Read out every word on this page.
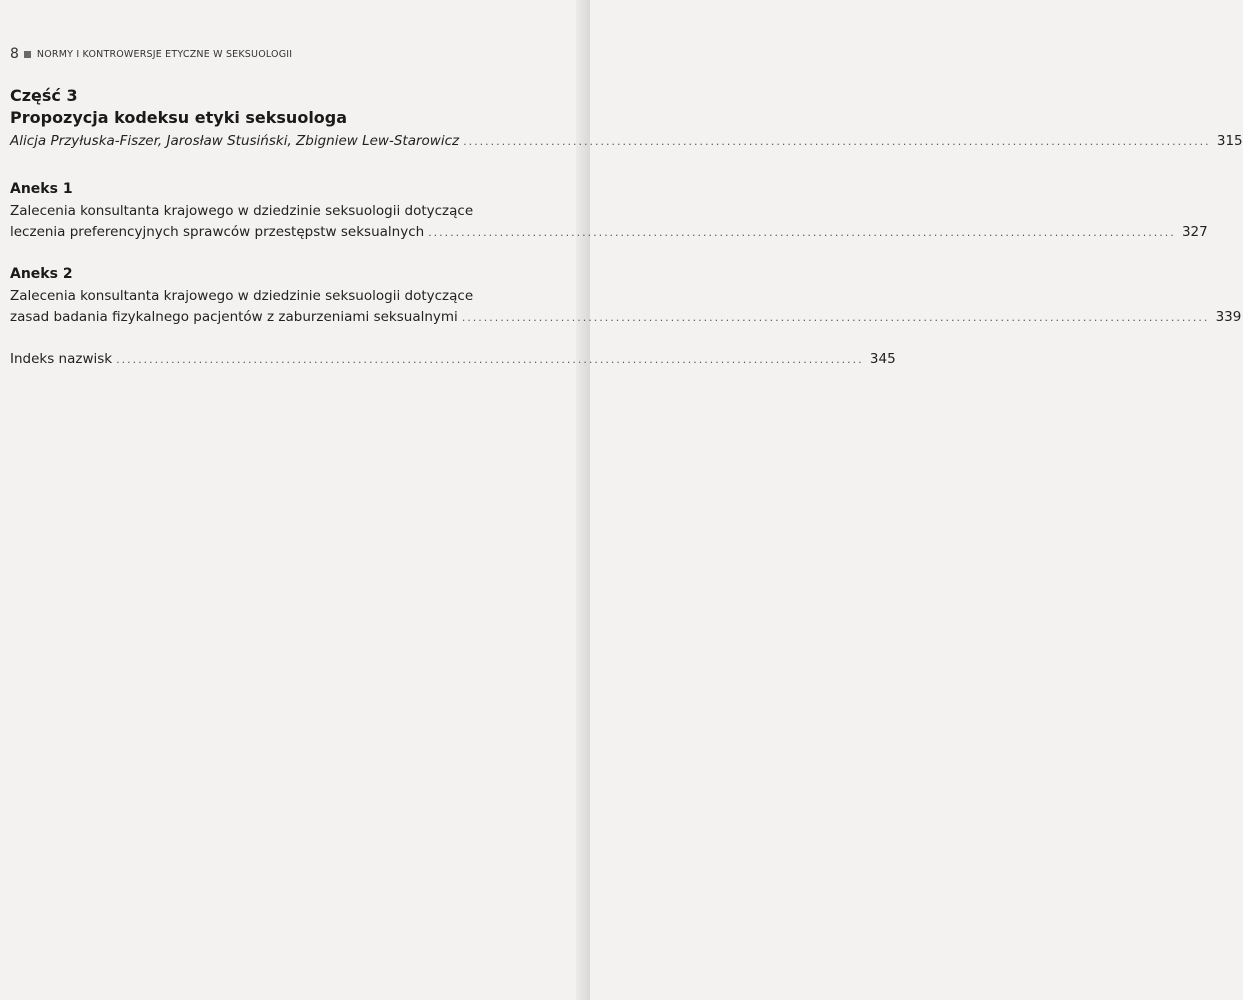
8 NORMY I KONTROWERSJE ETYCZNE W SEKSUOLOGII
Część 3
Propozycja kodeksu etyki seksuologa
Alicja Przyłuska-Fiszer, Jarosław Stusiński, Zbigniew Lew-Starowicz ........................................................................................................................................ 315
Aneks 1
Zalecenia konsultanta krajowego w dziedzinie seksuologii dotyczące
leczenia preferencyjnych sprawców przestępstw seksualnych ........................................................................................................................................ 327
Aneks 2
Zalecenia konsultanta krajowego w dziedzinie seksuologii dotyczące
zasad badania fizykalnego pacjentów z zaburzeniami seksualnymi ........................................................................................................................................ 339
Indeks nazwisk ........................................................................................................................................ 345
